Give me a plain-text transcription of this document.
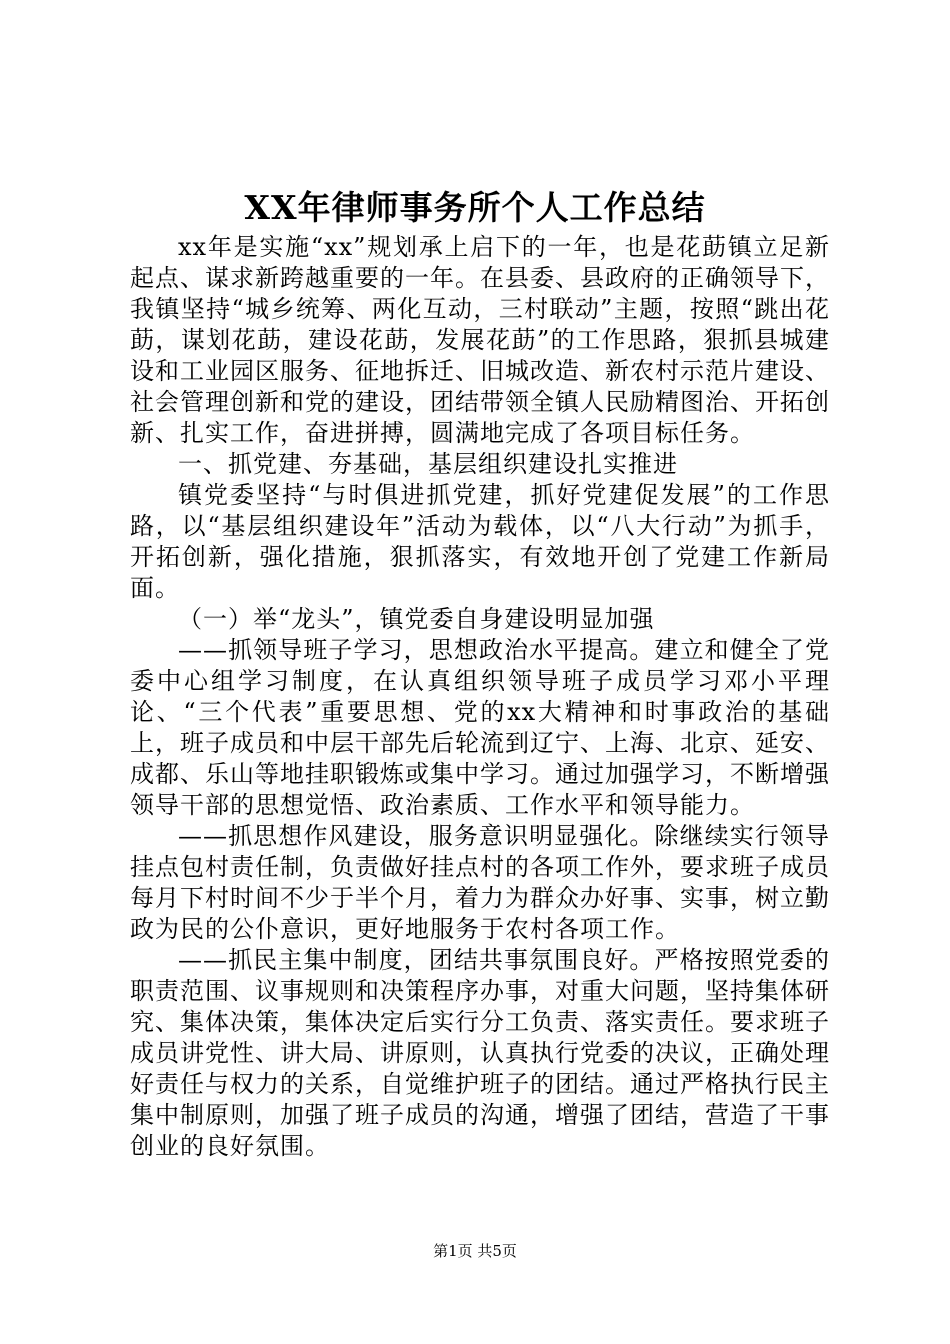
XX年律师事务所个人工作总结

xx年是实施“xx”规划承上启下的一年，也是花莇镇立足新起点、谋求新跨越重要的一年。在县委、县政府的正确领导下，我镇坚持“城乡统筹、两化互动，三村联动”主题，按照“跳出花莇，谋划花莇，建设花莇，发展花莇”的工作思路，狠抓县城建设和工业园区服务、征地拆迁、旧城改造、新农村示范片建设、社会管理创新和党的建设，团结带领全镇人民励精图治、开拓创新、扎实工作，奋进拼搏，圆满地完成了各项目标任务。

一、抓党建、夯基础，基层组织建设扎实推进

镇党委坚持“与时俱进抓党建，抓好党建促发展”的工作思路，以“基层组织建设年”活动为载体，以“八大行动”为抓手，开拓创新，强化措施，狠抓落实，有效地开创了党建工作新局面。

（一）举“龙头”，镇党委自身建设明显加强

——抓领导班子学习，思想政治水平提高。建立和健全了党委中心组学习制度，在认真组织领导班子成员学习邓小平理论、“三个代表”重要思想、党的xx大精神和时事政治的基础上，班子成员和中层干部先后轮流到辽宁、上海、北京、延安、成都、乐山等地挂职锻炼或集中学习。通过加强学习，不断增强领导干部的思想觉悟、政治素质、工作水平和领导能力。

——抓思想作风建设，服务意识明显强化。除继续实行领导挂点包村责任制，负责做好挂点村的各项工作外，要求班子成员每月下村时间不少于半个月，着力为群众办好事、实事，树立勤政为民的公仆意识，更好地服务于农村各项工作。

——抓民主集中制度，团结共事氛围良好。严格按照党委的职责范围、议事规则和决策程序办事，对重大问题，坚持集体研究、集体决策，集体决定后实行分工负责、落实责任。要求班子成员讲党性、讲大局、讲原则，认真执行党委的决议，正确处理好责任与权力的关系，自觉维护班子的团结。通过严格执行民主集中制原则，加强了班子成员的沟通，增强了团结，营造了干事创业的良好氛围。

第1页 共5页
